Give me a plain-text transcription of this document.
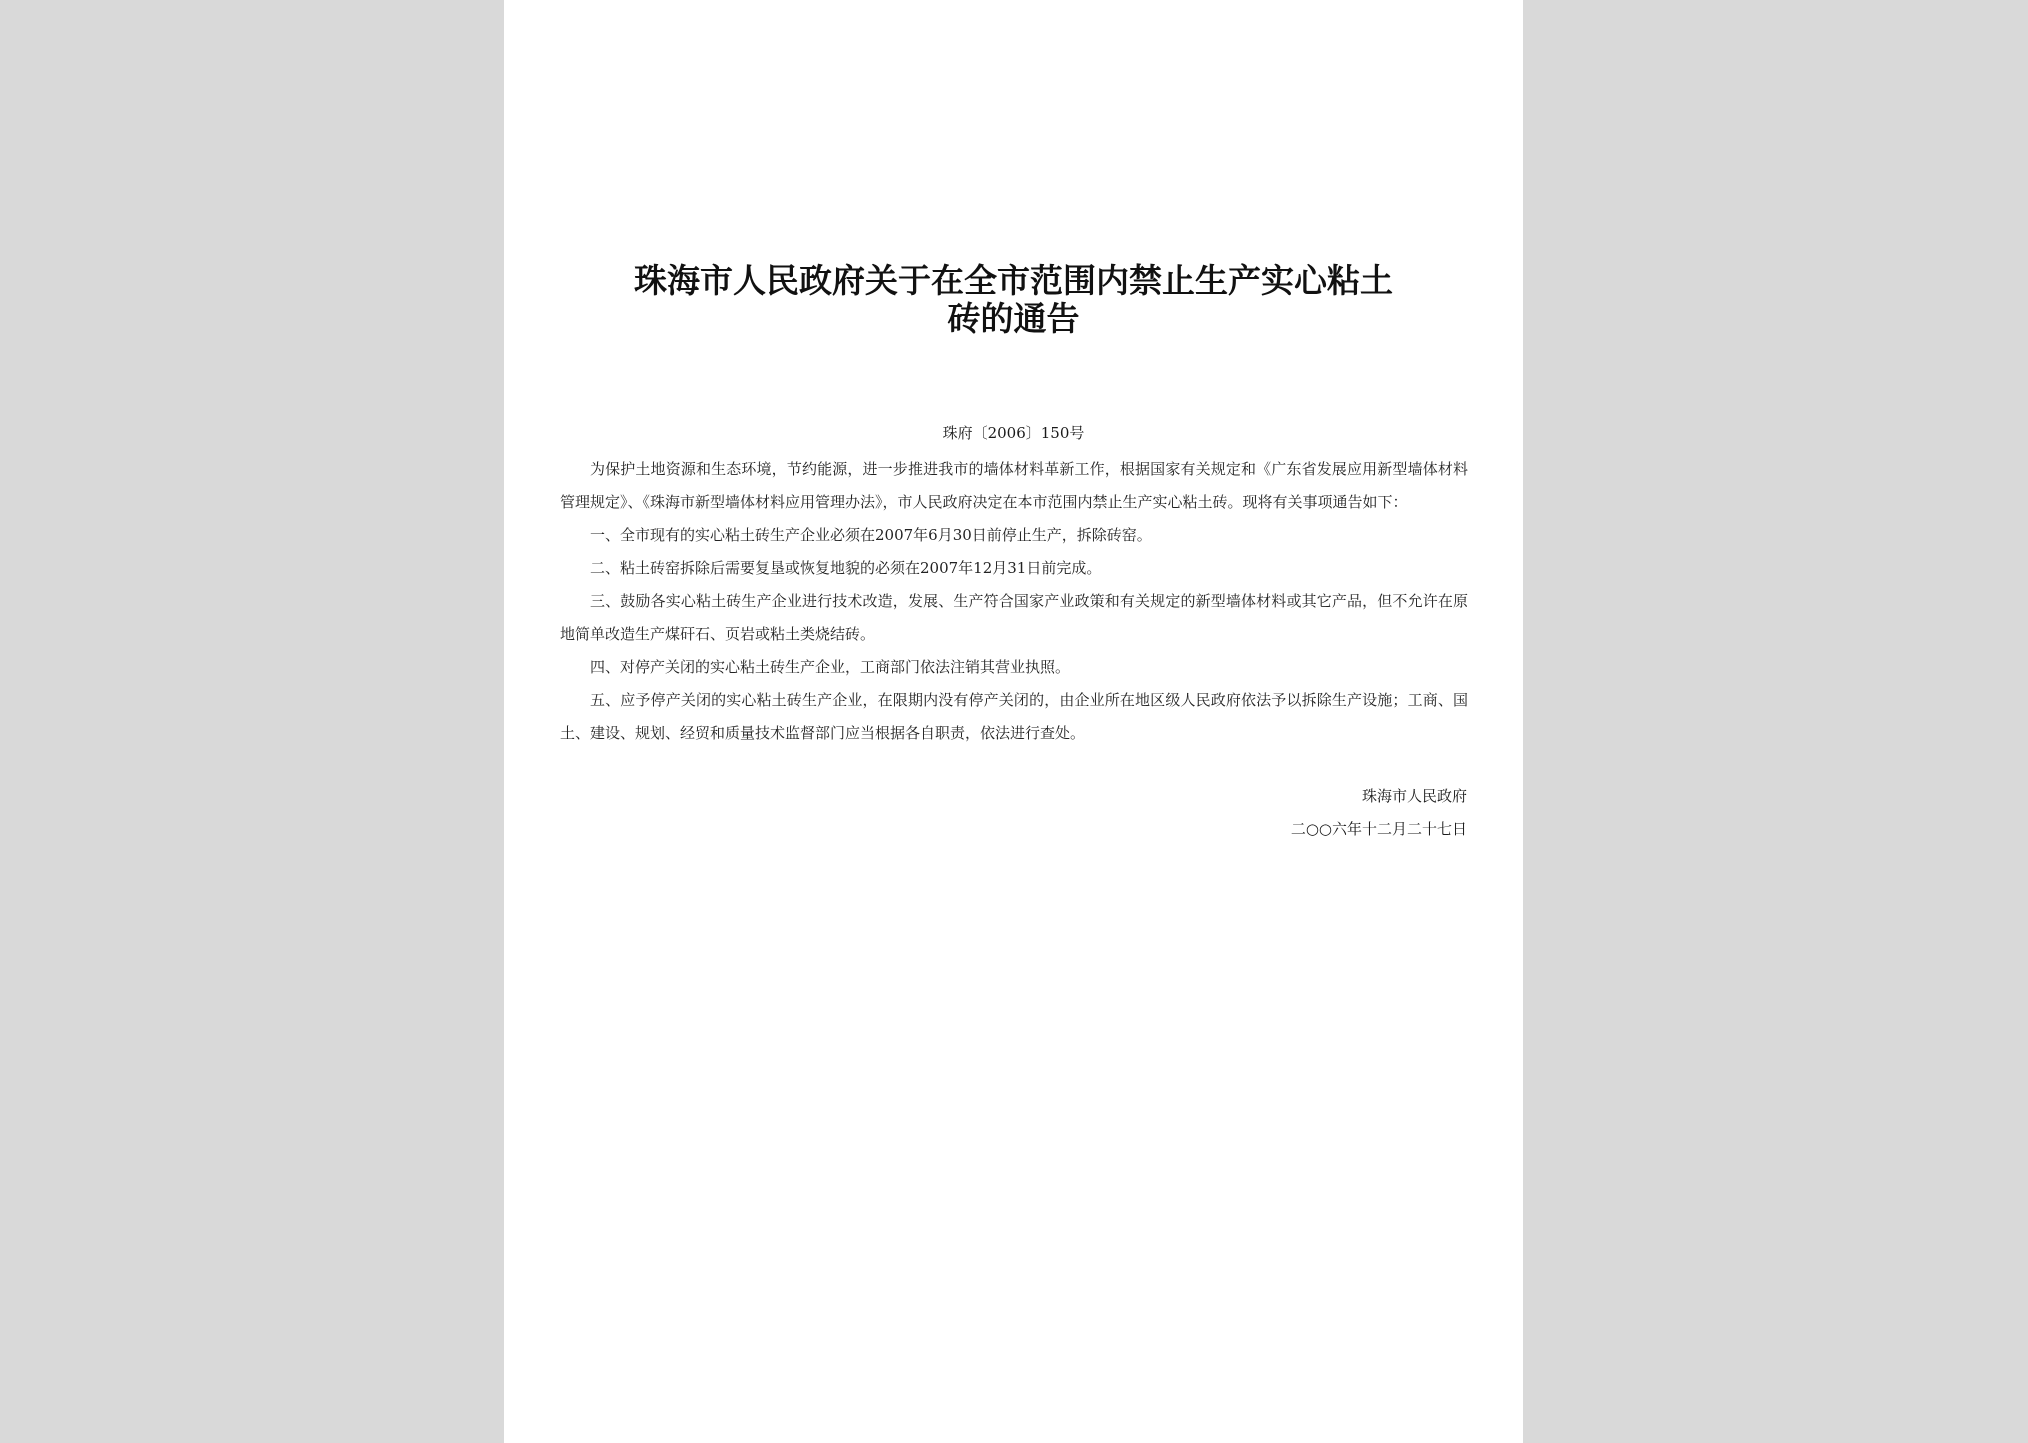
珠海市人民政府关于在全市范围内禁止生产实心粘土
砖的通告
珠府〔2006〕150号

为保护土地资源和生态环境，节约能源，进一步推进我市的墙体材料革新工作，根据国家有关规定和《广东省发展应用新型墙体材料管理规定》、《珠海市新型墙体材料应用管理办法》，市人民政府决定在本市范围内禁止生产实心粘土砖。现将有关事项通告如下：

一、全市现有的实心粘土砖生产企业必须在2007年6月30日前停止生产，拆除砖窑。

二、粘土砖窑拆除后需要复垦或恢复地貌的必须在2007年12月31日前完成。

三、鼓励各实心粘土砖生产企业进行技术改造，发展、生产符合国家产业政策和有关规定的新型墙体材料或其它产品，但不允许在原地简单改造生产煤矸石、页岩或粘土类烧结砖。

四、对停产关闭的实心粘土砖生产企业，工商部门依法注销其营业执照。

五、应予停产关闭的实心粘土砖生产企业，在限期内没有停产关闭的，由企业所在地区级人民政府依法予以拆除生产设施；工商、国土、建设、规划、经贸和质量技术监督部门应当根据各自职责，依法进行查处。

珠海市人民政府
二○○六年十二月二十七日
